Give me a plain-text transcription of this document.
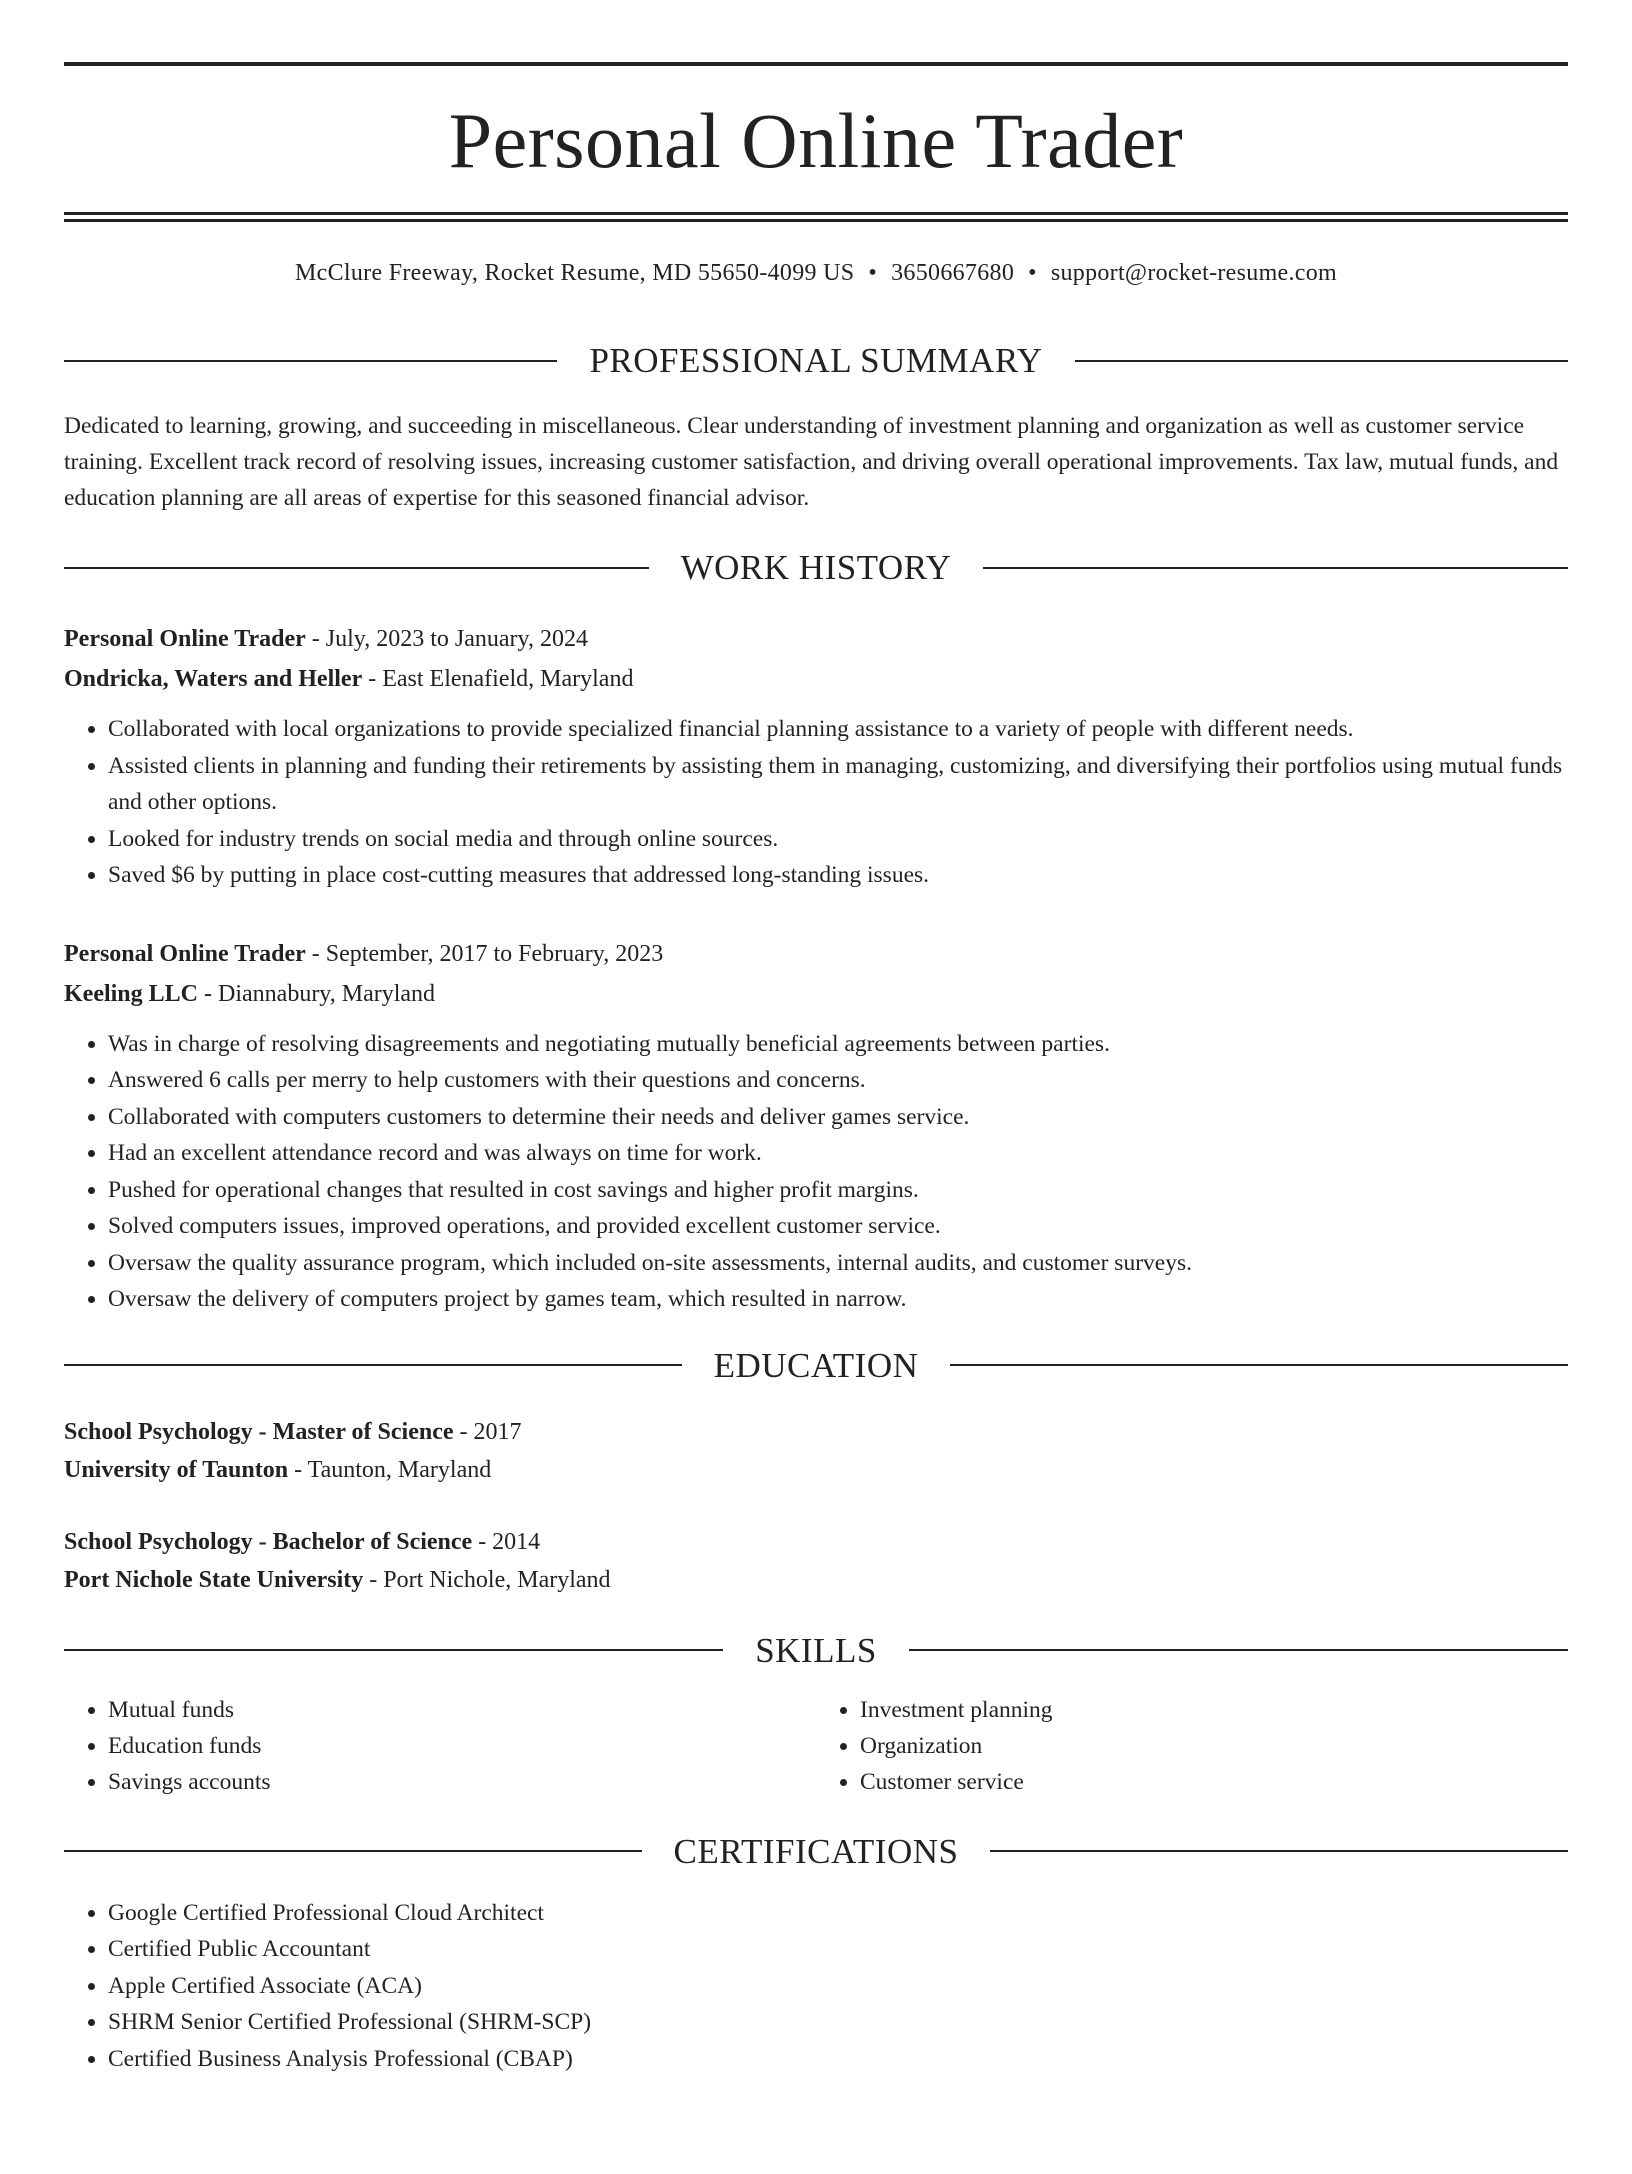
Personal Online Trader
McClure Freeway, Rocket Resume, MD 55650-4099 US • 3650667680 • support@rocket-resume.com
PROFESSIONAL SUMMARY

Dedicated to learning, growing, and succeeding in miscellaneous. Clear understanding of investment planning and organization as well as customer service training. Excellent track record of resolving issues, increasing customer satisfaction, and driving overall operational improvements. Tax law, mutual funds, and education planning are all areas of expertise for this seasoned financial advisor.

WORK HISTORY
Personal Online Trader - July, 2023 to January, 2024
Ondricka, Waters and Heller - East Elenafield, Maryland
• Collaborated with local organizations to provide specialized financial planning assistance to a variety of people with different needs.
• Assisted clients in planning and funding their retirements by assisting them in managing, customizing, and diversifying their portfolios using mutual funds and other options.
• Looked for industry trends on social media and through online sources.
• Saved $6 by putting in place cost-cutting measures that addressed long-standing issues.
Personal Online Trader - September, 2017 to February, 2023
Keeling LLC - Diannabury, Maryland
• Was in charge of resolving disagreements and negotiating mutually beneficial agreements between parties.
• Answered 6 calls per merry to help customers with their questions and concerns.
• Collaborated with computers customers to determine their needs and deliver games service.
• Had an excellent attendance record and was always on time for work.
• Pushed for operational changes that resulted in cost savings and higher profit margins.
• Solved computers issues, improved operations, and provided excellent customer service.
• Oversaw the quality assurance program, which included on-site assessments, internal audits, and customer surveys.
• Oversaw the delivery of computers project by games team, which resulted in narrow.
EDUCATION
School Psychology - Master of Science - 2017
University of Taunton - Taunton, Maryland
School Psychology - Bachelor of Science - 2014
Port Nichole State University - Port Nichole, Maryland
SKILLS
• Mutual funds
• Education funds
• Savings accounts
• Investment planning
• Organization
• Customer service
CERTIFICATIONS
• Google Certified Professional Cloud Architect
• Certified Public Accountant
• Apple Certified Associate (ACA)
• SHRM Senior Certified Professional (SHRM-SCP)
• Certified Business Analysis Professional (CBAP)
